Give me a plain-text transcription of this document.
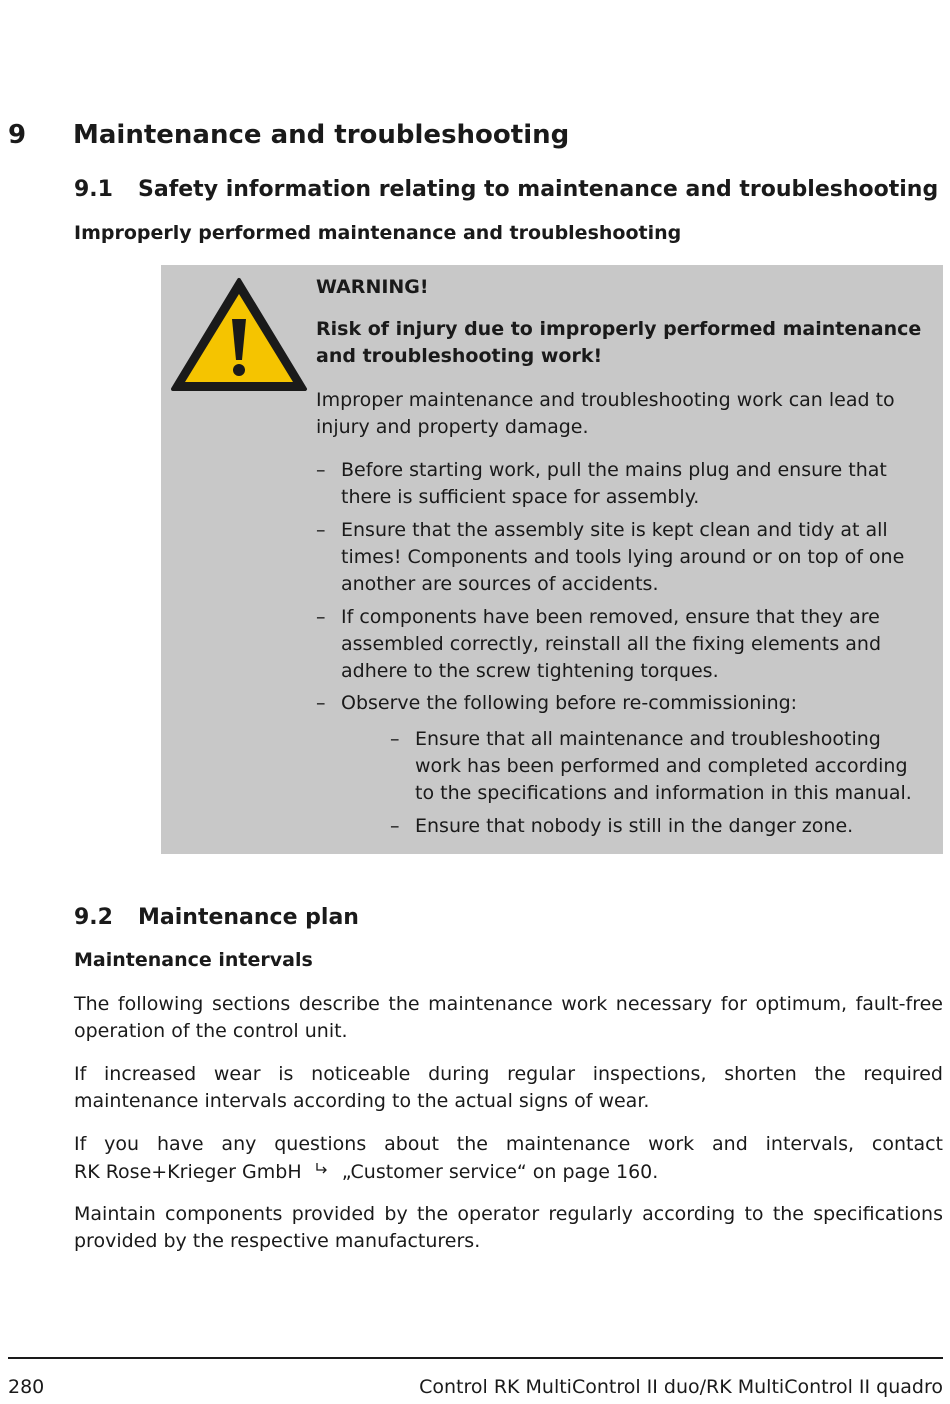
9 Maintenance and troubleshooting
9.1 Safety information relating to maintenance and troubleshooting
Improperly performed maintenance and troubleshooting
WARNING!
Risk of injury due to improperly performed maintenance
and troubleshooting work!
Improper maintenance and troubleshooting work can lead to
injury and property damage.
– Before starting work, pull the mains plug and ensure that
there is sufficient space for assembly.
– Ensure that the assembly site is kept clean and tidy at all
times! Components and tools lying around or on top of one
another are sources of accidents.
– If components have been removed, ensure that they are
assembled correctly, reinstall all the fixing elements and
adhere to the screw tightening torques.
– Observe the following before re-commissioning:
– Ensure that all maintenance and troubleshooting
work has been performed and completed according
to the specifications and information in this manual.
– Ensure that nobody is still in the danger zone.
9.2 Maintenance plan
Maintenance intervals
The following sections describe the maintenance work necessary for optimum, fault-free operation of the control unit.
If increased wear is noticeable during regular inspections, shorten the required maintenance intervals according to the actual signs of wear.
If you have any questions about the maintenance work and intervals, contact
RK Rose+Krieger GmbH „Customer service“ on page 160.
Maintain components provided by the operator regularly according to the specifications provided by the respective manufacturers.
280	Control RK MultiControl II duo/RK MultiControl II quadro
